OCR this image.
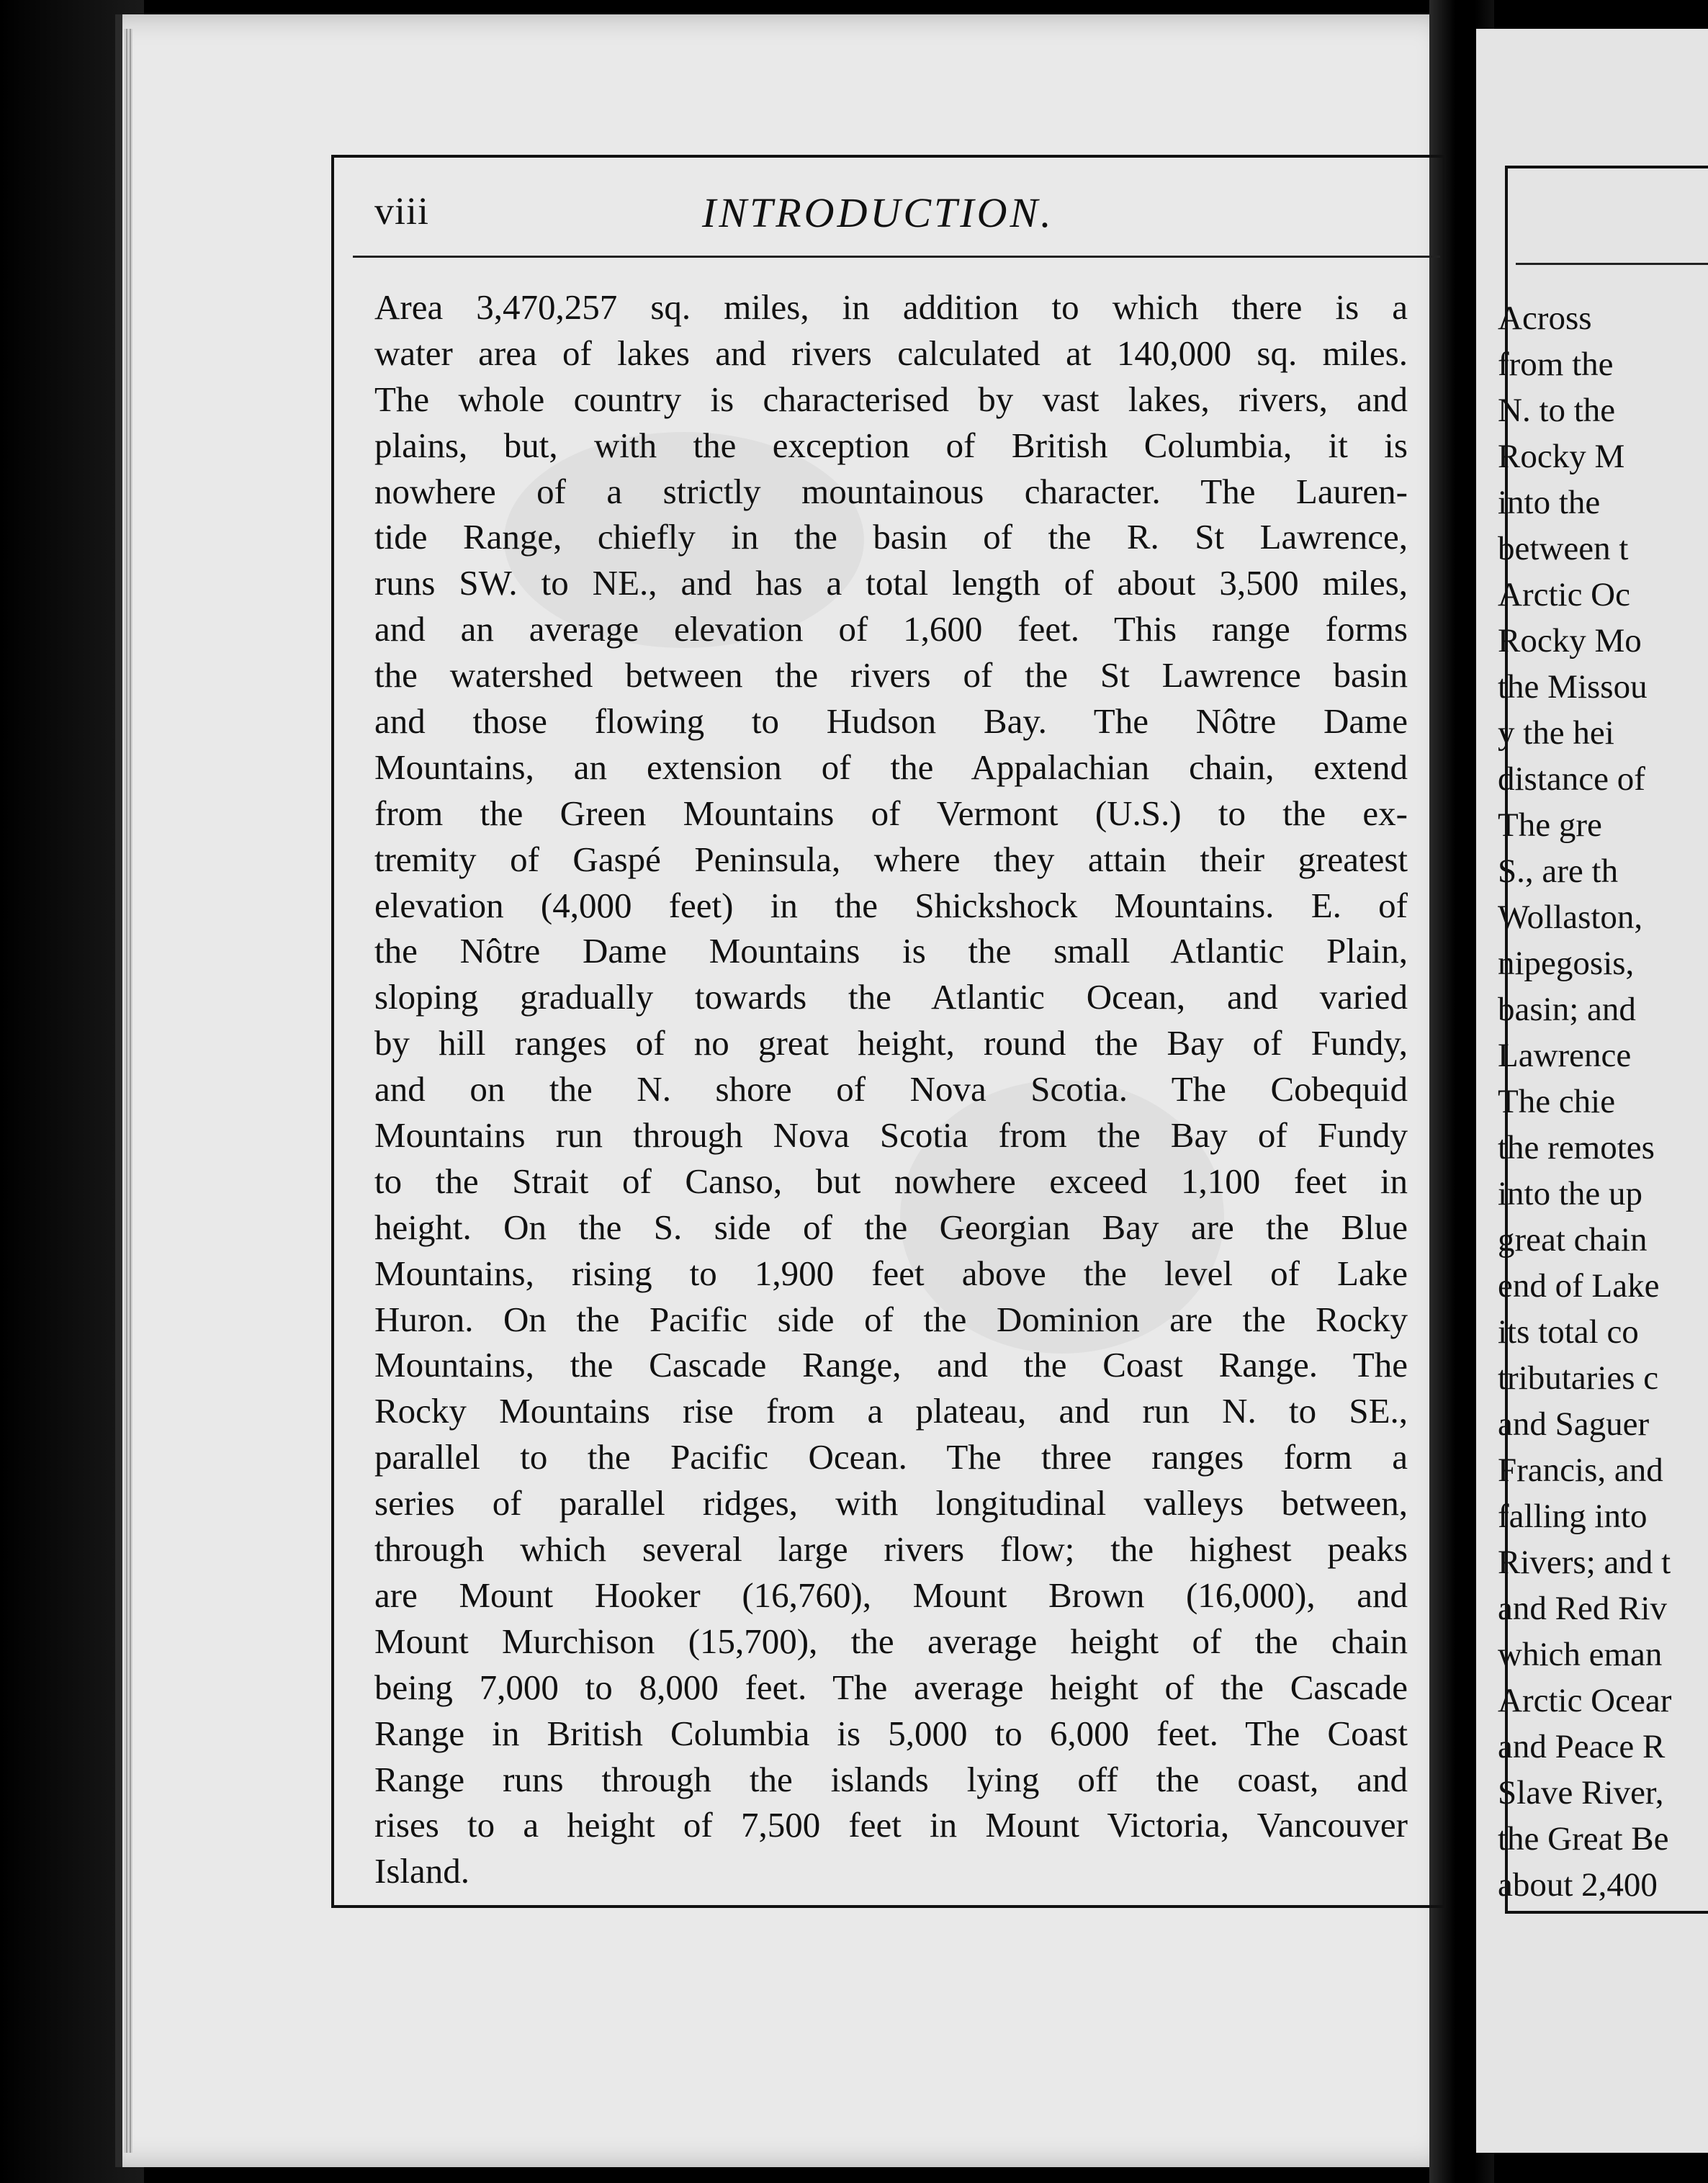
viii	INTRODUCTION.
Area 3,470,257 sq. miles, in addition to which there is a
water area of lakes and rivers calculated at 140,000 sq. miles.
The whole country is characterised by vast lakes, rivers, and
plains, but, with the exception of British Columbia, it is
nowhere of a strictly mountainous character. The Lauren-
tide Range, chiefly in the basin of the R. St Lawrence,
runs SW. to NE., and has a total length of about 3,500 miles,
and an average elevation of 1,600 feet. This range forms
the watershed between the rivers of the St Lawrence basin
and those flowing to Hudson Bay. The Nôtre Dame
Mountains, an extension of the Appalachian chain, extend
from the Green Mountains of Vermont (U.S.) to the ex-
tremity of Gaspé Peninsula, where they attain their greatest
elevation (4,000 feet) in the Shickshock Mountains. E. of
the Nôtre Dame Mountains is the small Atlantic Plain,
sloping gradually towards the Atlantic Ocean, and varied
by hill ranges of no great height, round the Bay of Fundy,
and on the N. shore of Nova Scotia. The Cobequid
Mountains run through Nova Scotia from the Bay of Fundy
to the Strait of Canso, but nowhere exceed 1,100 feet in
height. On the S. side of the Georgian Bay are the Blue
Mountains, rising to 1,900 feet above the level of Lake
Huron. On the Pacific side of the Dominion are the Rocky
Mountains, the Cascade Range, and the Coast Range. The
Rocky Mountains rise from a plateau, and run N. to SE.,
parallel to the Pacific Ocean. The three ranges form a
series of parallel ridges, with longitudinal valleys between,
through which several large rivers flow; the highest peaks
are Mount Hooker (16,760), Mount Brown (16,000), and
Mount Murchison (15,700), the average height of the chain
being 7,000 to 8,000 feet. The average height of the Cascade
Range in British Columbia is 5,000 to 6,000 feet. The Coast
Range runs through the islands lying off the coast, and
rises to a height of 7,500 feet in Mount Victoria, Vancouver
Island.
Across
from the
N. to the
Rocky M
into the
between t
Arctic Oc
Rocky Mo
the Missou
y the hei
distance of
The gre
S., are th
Wollaston,
nipegosis,
basin; and
Lawrence
The chie
the remotes
into the up
great chain
end of Lake
its total co
tributaries c
and Saguer
Francis, and
falling into
Rivers; and t
and Red Riv
which eman
Arctic Ocear
and Peace R
Slave River,
the Great Be
about 2,400
